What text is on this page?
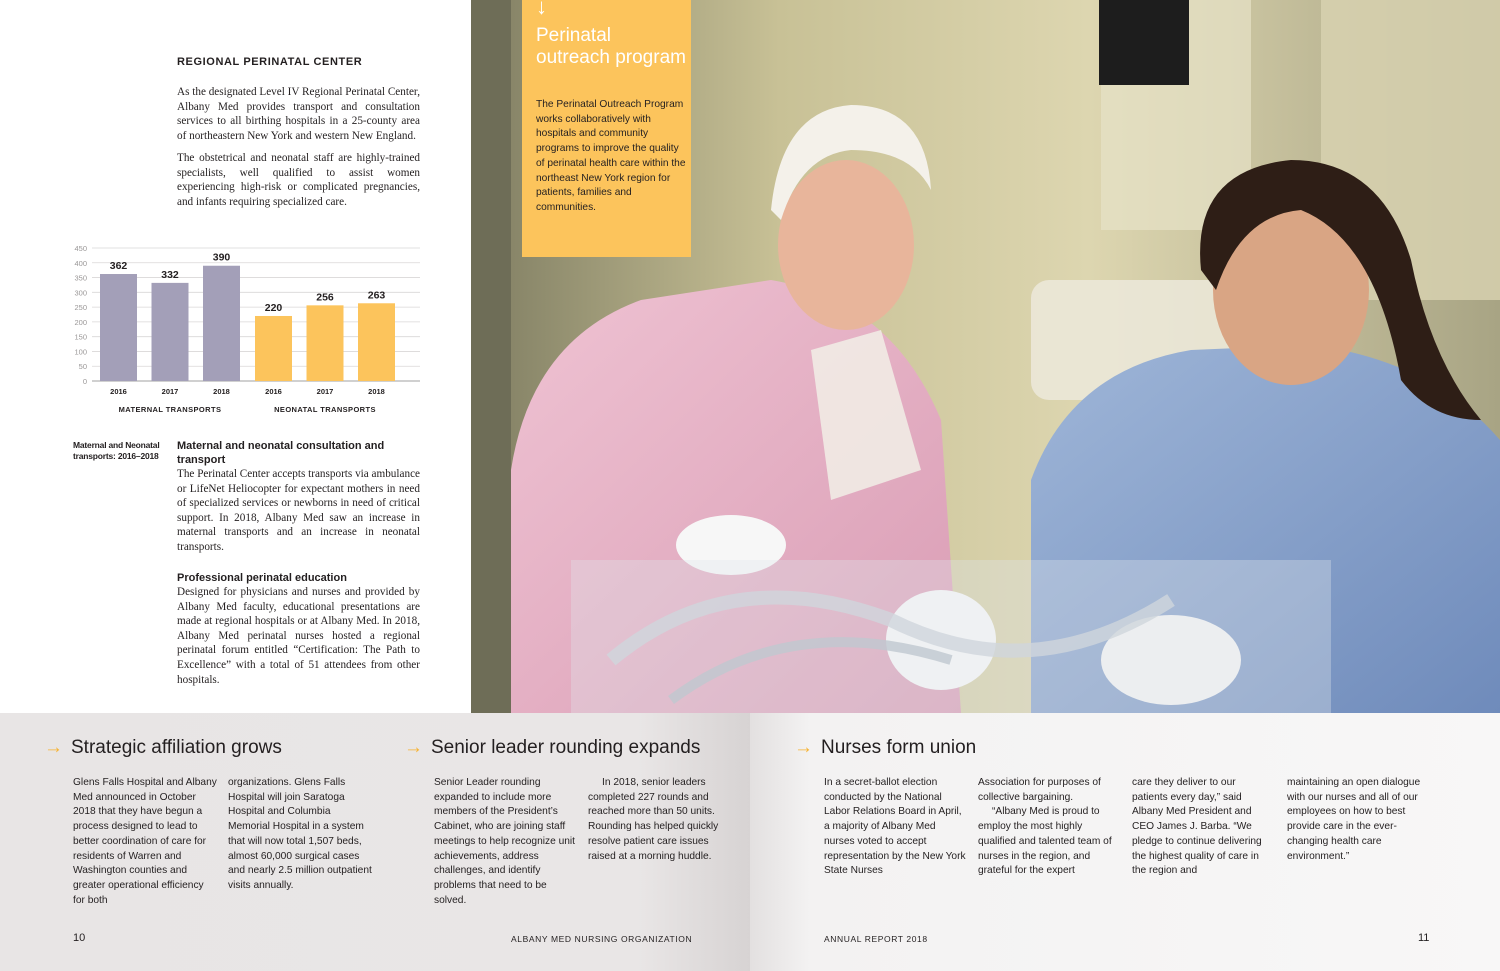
REGIONAL PERINATAL CENTER

As the designated Level IV Regional Perinatal Center, Albany Med provides transport and consultation services to all birthing hospitals in a 25-county area of northeastern New York and western New England.

The obstetrical and neonatal staff are highly-trained specialists, well qualified to assist women experiencing high-risk or complicated pregnancies, and infants requiring specialized care.

0
50
100
150
200
250
300
350
400
450
362
2016
332
2017
390
2018
MATERNAL TRANSPORTS
220
2016
256
2017
263
2018
NEONATAL TRANSPORTS
Maternal and Neonatal transports: 2016–2018
Maternal and neonatal consultation and transport

The Perinatal Center accepts transports via ambulance or LifeNet Heliocopter for expectant mothers in need of specialized services or newborns in need of critical support. In 2018, Albany Med saw an increase in maternal transports and an increase in neonatal transports.

Professional perinatal education

Designed for physicians and nurses and provided by Albany Med faculty, educational presentations are made at regional hospitals or at Albany Med. In 2018, Albany Med perinatal nurses hosted a regional perinatal forum entitled “Certification: The Path to Excellence” with a total of 51 attendees from other hospitals.

↓
Perinatal outreach program
The Perinatal Outreach Program works collaboratively with hospitals and community programs to improve the quality of perinatal health care within the northeast New York region for patients, families and communities.
→ Strategic affiliation grows

Glens Falls Hospital and Albany Med announced in October 2018 that they have begun a process designed to lead to better coordination of care for residents of Warren and Washington counties and greater operational efficiency for both

organizations. Glens Falls Hospital will join Saratoga Hospital and Columbia Memorial Hospital in a system that will now total 1,507 beds, almost 60,000 surgical cases and nearly 2.5 million outpatient visits annually.

→ Senior leader rounding expands

Senior Leader rounding expanded to include more members of the President’s Cabinet, who are joining staff meetings to help recognize unit achievements, address challenges, and identify problems that need to be solved.

In 2018, senior leaders completed 227 rounds and reached more than 50 units. Rounding has helped quickly resolve patient care issues raised at a morning huddle.

→ Nurses form union

In a secret-ballot election conducted by the National Labor Relations Board in April, a majority of Albany Med nurses voted to accept representation by the New York State Nurses

Association for purposes of collective bargaining.
“Albany Med is proud to employ the most highly qualified and talented team of nurses in the region, and grateful for the expert

care they deliver to our patients every day,” said Albany Med President and CEO James J. Barba. “We pledge to continue delivering the highest quality of care in the region and

maintaining an open dialogue with our nurses and all of our employees on how to best provide care in the ever-changing health care environment.”

10	ALBANY MED NURSING ORGANIZATION	ANNUAL REPORT 2018	11
